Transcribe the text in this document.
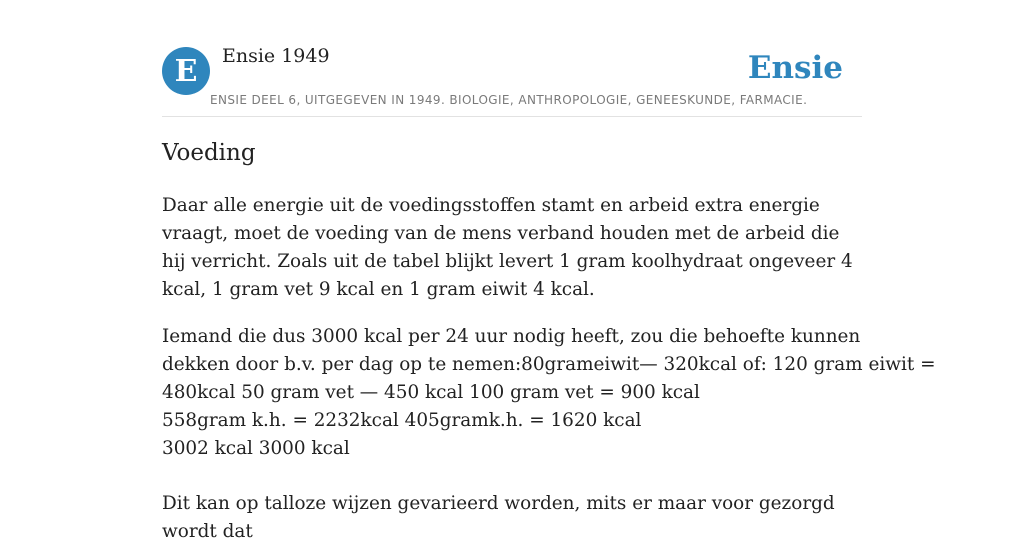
E Ensie 1949	Ensie
ENSIE DEEL 6, UITGEGEVEN IN 1949. BIOLOGIE, ANTHROPOLOGIE, GENEESKUNDE, FARMACIE.
Voeding

Daar alle energie uit de voedingsstoffen stamt en arbeid extra energie vraagt, moet de voeding van de mens verband houden met de arbeid die hij verricht. Zoals uit de tabel blijkt levert 1 gram koolhydraat ongeveer 4 kcal, 1 gram vet 9 kcal en 1 gram eiwit 4 kcal.

Iemand die dus 3000 kcal per 24 uur nodig heeft, zou die behoefte kunnen
dekken door b.v. per dag op te nemen:80grameiwit— 320kcal of: 120 gram eiwit =
480kcal 50 gram vet — 450 kcal 100 gram vet = 900 kcal
558gram k.h. = 2232kcal 405gramk.h. = 1620 kcal
3002 kcal 3000 kcal

Dit kan op talloze wijzen gevarieerd worden, mits er maar voor gezorgd wordt dat
